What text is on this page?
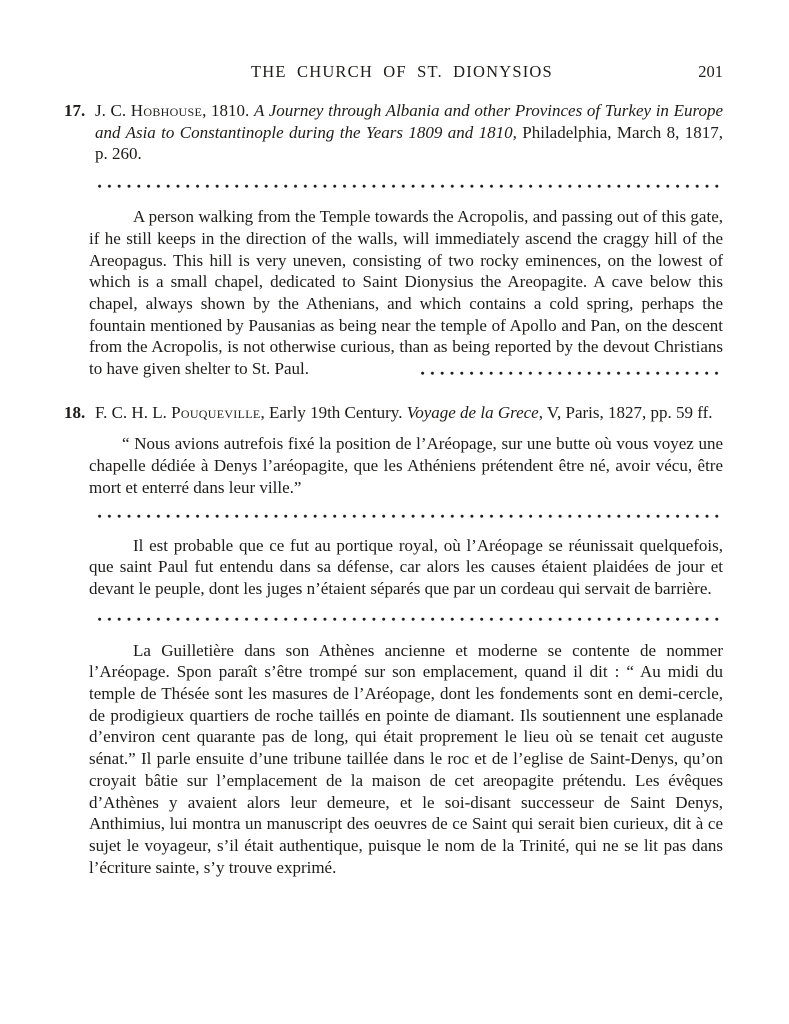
THE CHURCH OF ST. DIONYSIOS	201
17. J. C. Hobhouse, 1810. A Journey through Albania and other Provinces of Turkey in Europe and Asia to Constantinople during the Years 1809 and 1810, Philadelphia, March 8, 1817, p. 260.

A person walking from the Temple towards the Acropolis, and passing out of this gate, if he still keeps in the direction of the walls, will immediately ascend the craggy hill of the Areopagus. This hill is very uneven, consisting of two rocky eminences, on the lowest of which is a small chapel, dedicated to Saint Dionysius the Areopagite. A cave below this chapel, always shown by the Athenians, and which contains a cold spring, perhaps the fountain mentioned by Pausanias as being near the temple of Apollo and Pan, on the descent from the Acropolis, is not otherwise curious, than as being reported by the devout Christians to have given shelter to St. Paul.

18. F. C. H. L. Pouqueville, Early 19th Century. Voyage de la Grece, V, Paris, 1827, pp. 59 ff.

“ Nous avions autrefois fixé la position de l’Aréopage, sur une butte où vous voyez une chapelle dédiée à Denys l’aréopagite, que les Athéniens prétendent être né, avoir vécu, être mort et enterré dans leur ville.”

Il est probable que ce fut au portique royal, où l’Aréopage se réunissait quelquefois, que saint Paul fut entendu dans sa défense, car alors les causes étaient plaidées de jour et devant le peuple, dont les juges n’étaient séparés que par un cordeau qui servait de barrière.

La Guilletière dans son Athènes ancienne et moderne se contente de nommer l’Aréopage. Spon paraît s’être trompé sur son emplacement, quand il dit : “ Au midi du temple de Thésée sont les masures de l’Aréopage, dont les fondements sont en demi-cercle, de prodigieux quartiers de roche taillés en pointe de diamant. Ils soutiennent une esplanade d’environ cent quarante pas de long, qui était proprement le lieu où se tenait cet auguste sénat.” Il parle ensuite d’une tribune taillée dans le roc et de l’eglise de Saint-Denys, qu’on croyait bâtie sur l’emplacement de la maison de cet areopagite prétendu. Les évêques d’Athènes y avaient alors leur demeure, et le soi-disant successeur de Saint Denys, Anthimius, lui montra un manuscript des oeuvres de ce Saint qui serait bien curieux, dit à ce sujet le voyageur, s’il était authentique, puisque le nom de la Trinité, qui ne se lit pas dans l’écriture sainte, s’y trouve exprimé.
